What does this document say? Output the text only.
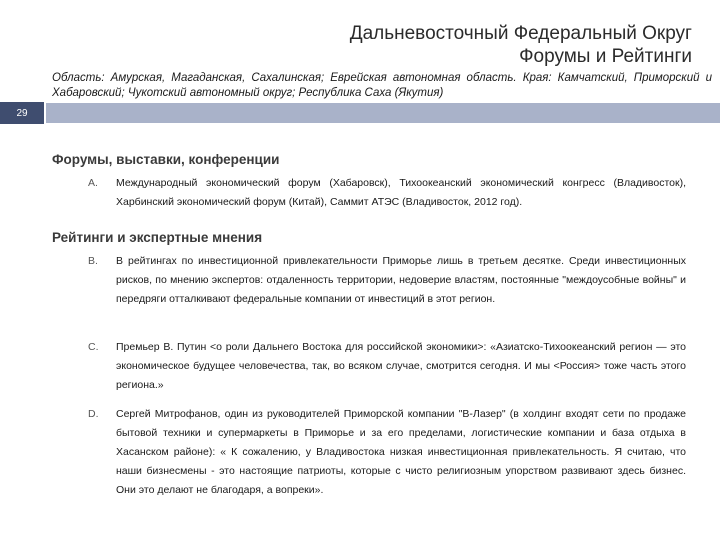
Дальневосточный Федеральный Округ
Форумы и Рейтинги
Область: Амурская, Магаданская, Сахалинская; Еврейская автономная область. Края: Камчатский, Приморский и Хабаровский; Чукотский автономный округ; Республика Саха (Якутия)
29
Форумы, выставки, конференции
A. Международный экономический форум (Хабаровск), Тихоокеанский экономический конгресс (Владивосток), Харбинский экономический форум (Китай), Саммит АТЭС (Владивосток, 2012 год).
Рейтинги и экспертные мнения
B. В рейтингах по инвестиционной привлекательности Приморье лишь в третьем десятке. Среди инвестиционных рисков, по мнению экспертов: отдаленность территории, недоверие властям, постоянные "междоусобные войны" и передряги отталкивают федеральные компании от инвестиций в этот регион.
C. Премьер В. Путин <о роли Дальнего Востока для российской экономики>: «Азиатско-Тихоокеанский регион — это экономическое будущее человечества, так, во всяком случае, смотрится сегодня. И мы <Россия> тоже часть этого региона.»
D. Сергей Митрофанов, один из руководителей Приморской компании "В-Лазер" (в холдинг входят сети по продаже бытовой техники и супермаркеты в Приморье и за его пределами, логистические компании и база отдыха в Хасанском районе): « К сожалению, у Владивостока низкая инвестиционная привлекательность. Я считаю, что наши бизнесмены - это настоящие патриоты, которые с чисто религиозным упорством развивают здесь бизнес. Они это делают не благодаря, а вопреки».
